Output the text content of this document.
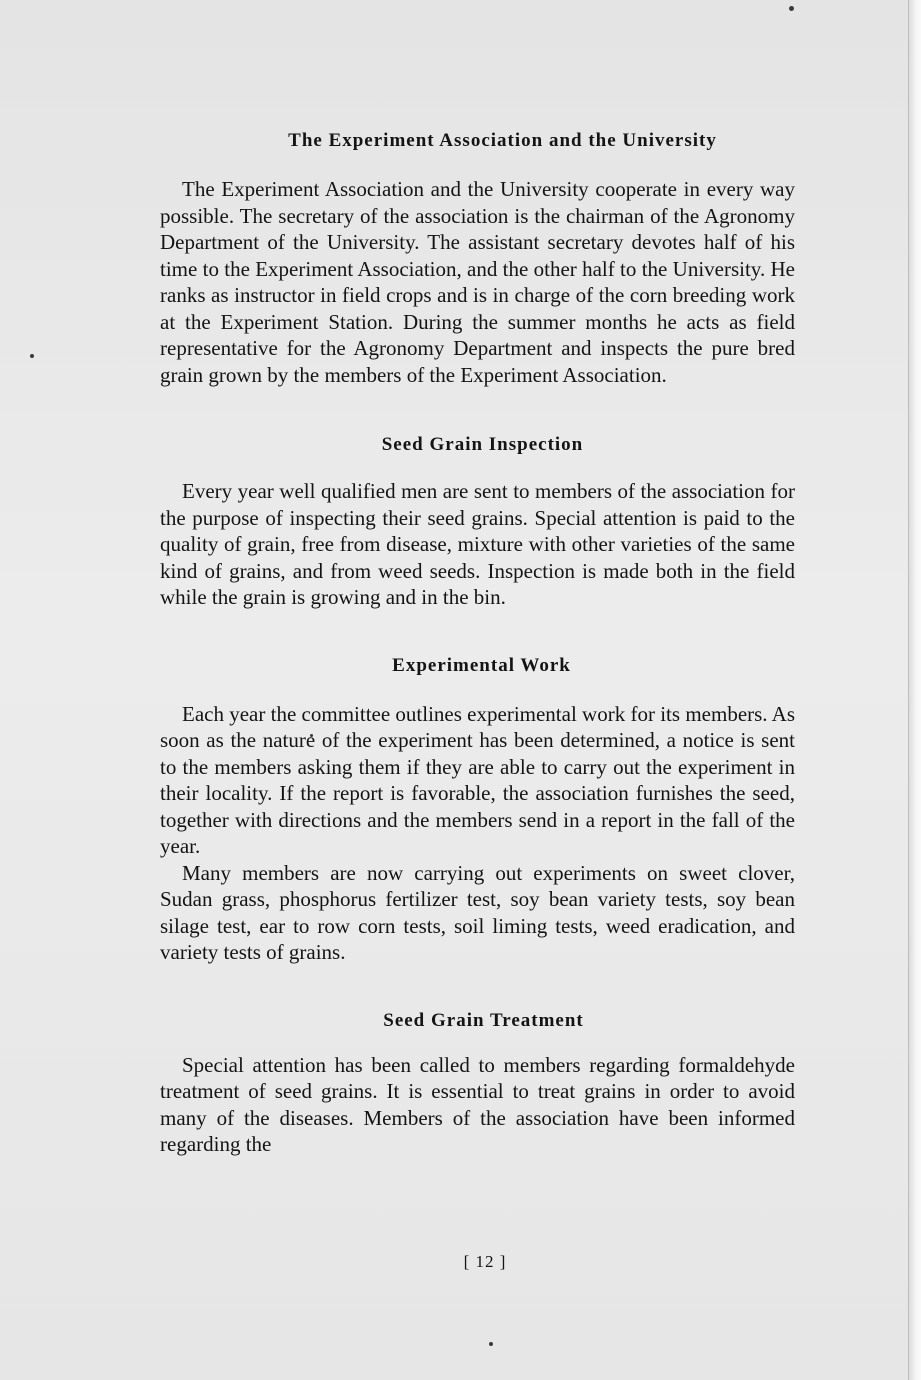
The Experiment Association and the University

The Experiment Association and the University cooperate in every way possible. The secretary of the association is the chairman of the Agronomy Department of the University. The assistant secretary devotes half of his time to the Experiment Association, and the other half to the University. He ranks as instructor in field crops and is in charge of the corn breeding work at the Experiment Station. During the summer months he acts as field representative for the Agronomy Department and inspects the pure bred grain grown by the members of the Experiment Association.

Seed Grain Inspection

Every year well qualified men are sent to members of the association for the purpose of inspecting their seed grains. Special attention is paid to the quality of grain, free from disease, mixture with other varieties of the same kind of grains, and from weed seeds. Inspection is made both in the field while the grain is growing and in the bin.

Experimental Work

Each year the committee outlines experimental work for its members. As soon as the nature of the experiment has been determined, a notice is sent to the members asking them if they are able to carry out the experiment in their locality. If the report is favorable, the association furnishes the seed, together with directions and the members send in a report in the fall of the year.

Many members are now carrying out experiments on sweet clover, Sudan grass, phosphorus fertilizer test, soy bean variety tests, soy bean silage test, ear to row corn tests, soil liming tests, weed eradication, and variety tests of grains.

Seed Grain Treatment

Special attention has been called to members regarding formaldehyde treatment of seed grains. It is essential to treat grains in order to avoid many of the diseases. Members of the association have been informed regarding the

[ 12 ]
